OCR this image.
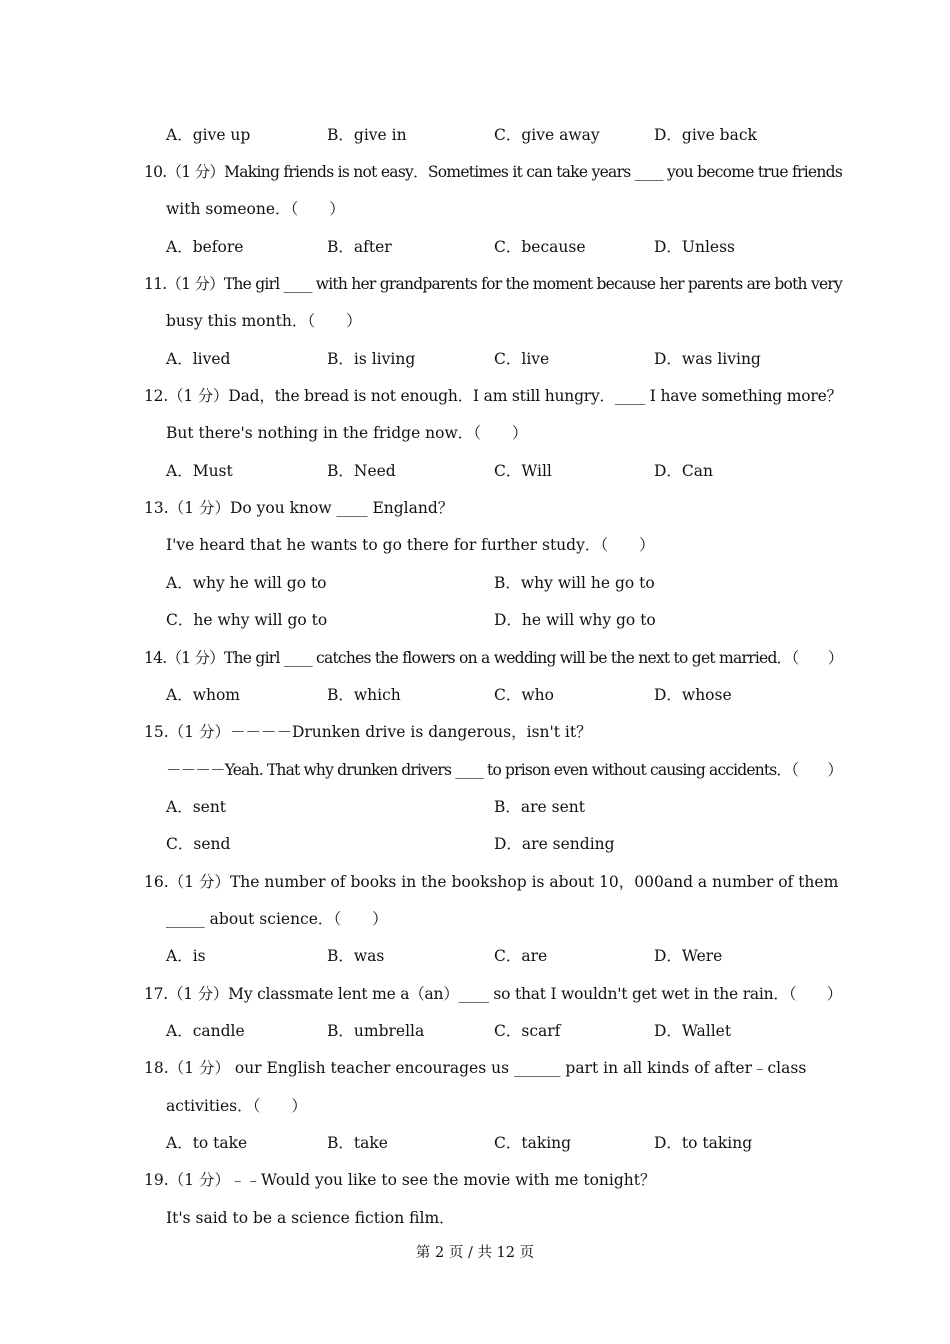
A．give up	B．give in	C．give away	D．give back
10.（1 分）Making friends is not easy．Sometimes it can take years ____ you become true friends
with someone．（　　）
A．before	B．after	C．because	D．Unless
11.（1 分）The girl ____ with her grandparents for the moment because her parents are both very
busy this month．（　　）
A．lived	B．is living	C．live	D．was living
12.（1 分）Dad，the bread is not enough．I am still hungry．____ I have something more？
But there's nothing in the fridge now．（　　）
A．Must	B．Need	C．Will	D．Can
13.（1 分）Do you know ____ England？
I've heard that he wants to go there for further study．（　　）
A．why he will go to	B．why will he go to
C．he why will go to	D．he will why go to
14.（1 分）The girl ____ catches the flowers on a wedding will be the next to get married．（　　）
A．whom	B．which	C．who	D．whose
15.（1 分）－－－－Drunken drive is dangerous，isn't it？
－－－－Yeah. That why drunken drivers ____ to prison even without causing accidents．（　　）
A．sent	B．are sent
C．send	D．are sending
16.（1 分）The number of books in the bookshop is about 10，000and a number of them
_____ about science．（　　）
A．is	B．was	C．are	D．Were
17.（1 分）My classmate lent me a（an）____ so that I wouldn't get wet in the rain．（　　）
A．candle	B．umbrella	C．scarf	D．Wallet
18.（1 分） our English teacher encourages us ______ part in all kinds of after﹣class
activities．（　　）
A．to take	B．take	C．taking	D．to taking
19.（1 分）﹣﹣Would you like to see the movie with me tonight？
It's said to be a science fiction film．
第 2 页 / 共 12 页
